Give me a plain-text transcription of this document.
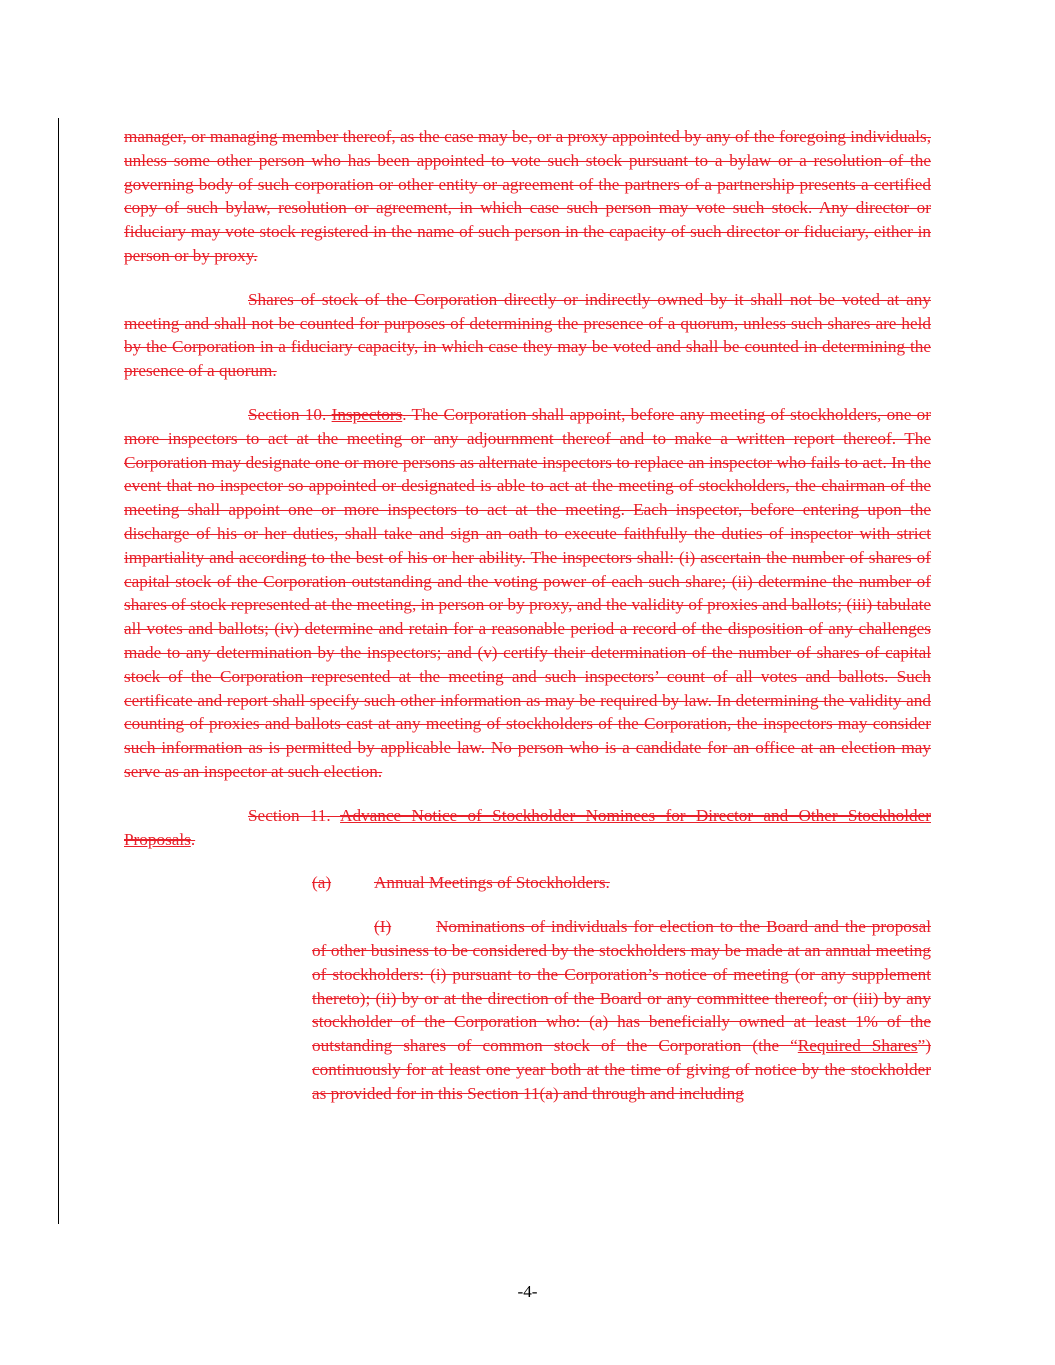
manager, or managing member thereof, as the case may be, or a proxy appointed by any of the foregoing individuals, unless some other person who has been appointed to vote such stock pursuant to a bylaw or a resolution of the governing body of such corporation or other entity or agreement of the partners of a partnership presents a certified copy of such bylaw, resolution or agreement, in which case such person may vote such stock. Any director or fiduciary may vote stock registered in the name of such person in the capacity of such director or fiduciary, either in person or by proxy.

Shares of stock of the Corporation directly or indirectly owned by it shall not be voted at any meeting and shall not be counted for purposes of determining the presence of a quorum, unless such shares are held by the Corporation in a fiduciary capacity, in which case they may be voted and shall be counted in determining the presence of a quorum.

Section 10. Inspectors. The Corporation shall appoint, before any meeting of stockholders, one or more inspectors to act at the meeting or any adjournment thereof and to make a written report thereof. The Corporation may designate one or more persons as alternate inspectors to replace an inspector who fails to act. In the event that no inspector so appointed or designated is able to act at the meeting of stockholders, the chairman of the meeting shall appoint one or more inspectors to act at the meeting. Each inspector, before entering upon the discharge of his or her duties, shall take and sign an oath to execute faithfully the duties of inspector with strict impartiality and according to the best of his or her ability. The inspectors shall: (i) ascertain the number of shares of capital stock of the Corporation outstanding and the voting power of each such share; (ii) determine the number of shares of stock represented at the meeting, in person or by proxy, and the validity of proxies and ballots; (iii) tabulate all votes and ballots; (iv) determine and retain for a reasonable period a record of the disposition of any challenges made to any determination by the inspectors; and (v) certify their determination of the number of shares of capital stock of the Corporation represented at the meeting and such inspectors’ count of all votes and ballots. Such certificate and report shall specify such other information as may be required by law. In determining the validity and counting of proxies and ballots cast at any meeting of stockholders of the Corporation, the inspectors may consider such information as is permitted by applicable law. No person who is a candidate for an office at an election may serve as an inspector at such election.

Section 11. Advance Notice of Stockholder Nominees for Director and Other Stockholder Proposals.

(a) Annual Meetings of Stockholders.

(I)	Nominations of individuals for election to the Board and the proposal of other business to be considered by the stockholders may be made at an annual meeting of stockholders: (i) pursuant to the Corporation’s notice of meeting (or any supplement thereto); (ii) by or at the direction of the Board or any committee thereof; or (iii) by any stockholder of the Corporation who: (a) has beneficially owned at least 1% of the outstanding shares of common stock of the Corporation (the “Required Shares”) continuously for at least one year both at the time of giving of notice by the stockholder as provided for in this Section 11(a) and through and including

-4-
